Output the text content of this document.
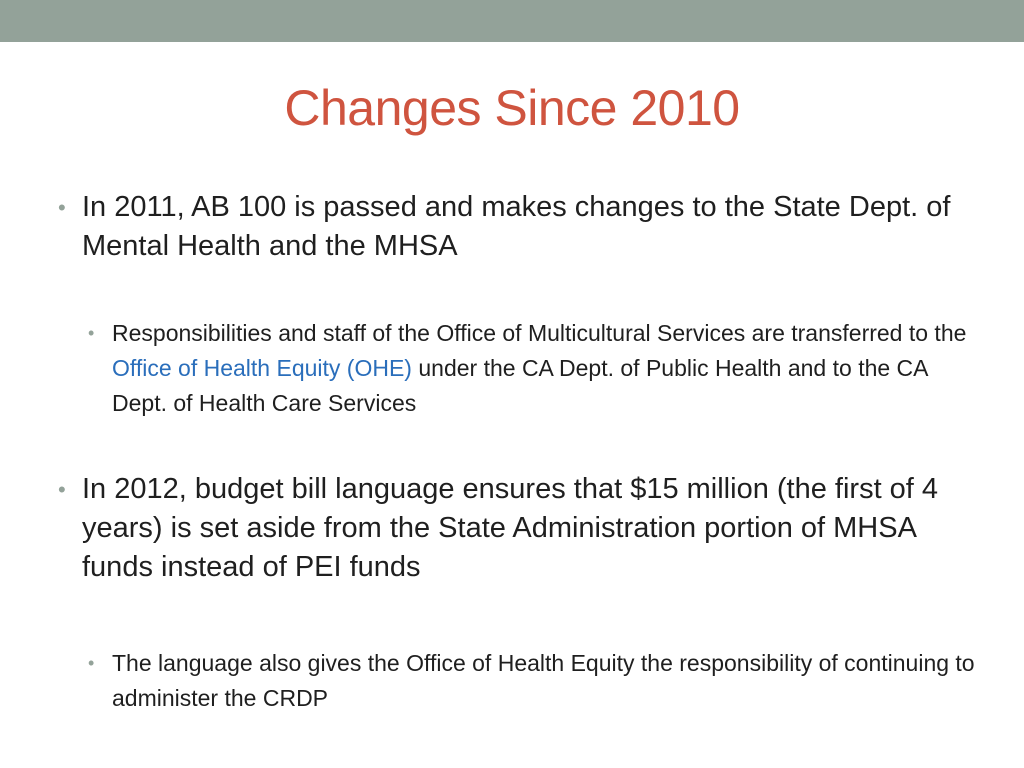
Changes Since 2010
• In 2011, AB 100 is passed and makes changes to the State Dept. of Mental Health and the MHSA
• Responsibilities and staff of the Office of Multicultural Services are transferred to the Office of Health Equity (OHE) under the CA Dept. of Public Health and to the CA Dept. of Health Care Services
• In 2012, budget bill language ensures that $15 million (the first of 4 years) is set aside from the State Administration portion of MHSA funds instead of PEI funds
• The language also gives the Office of Health Equity the responsibility of continuing to administer the CRDP
